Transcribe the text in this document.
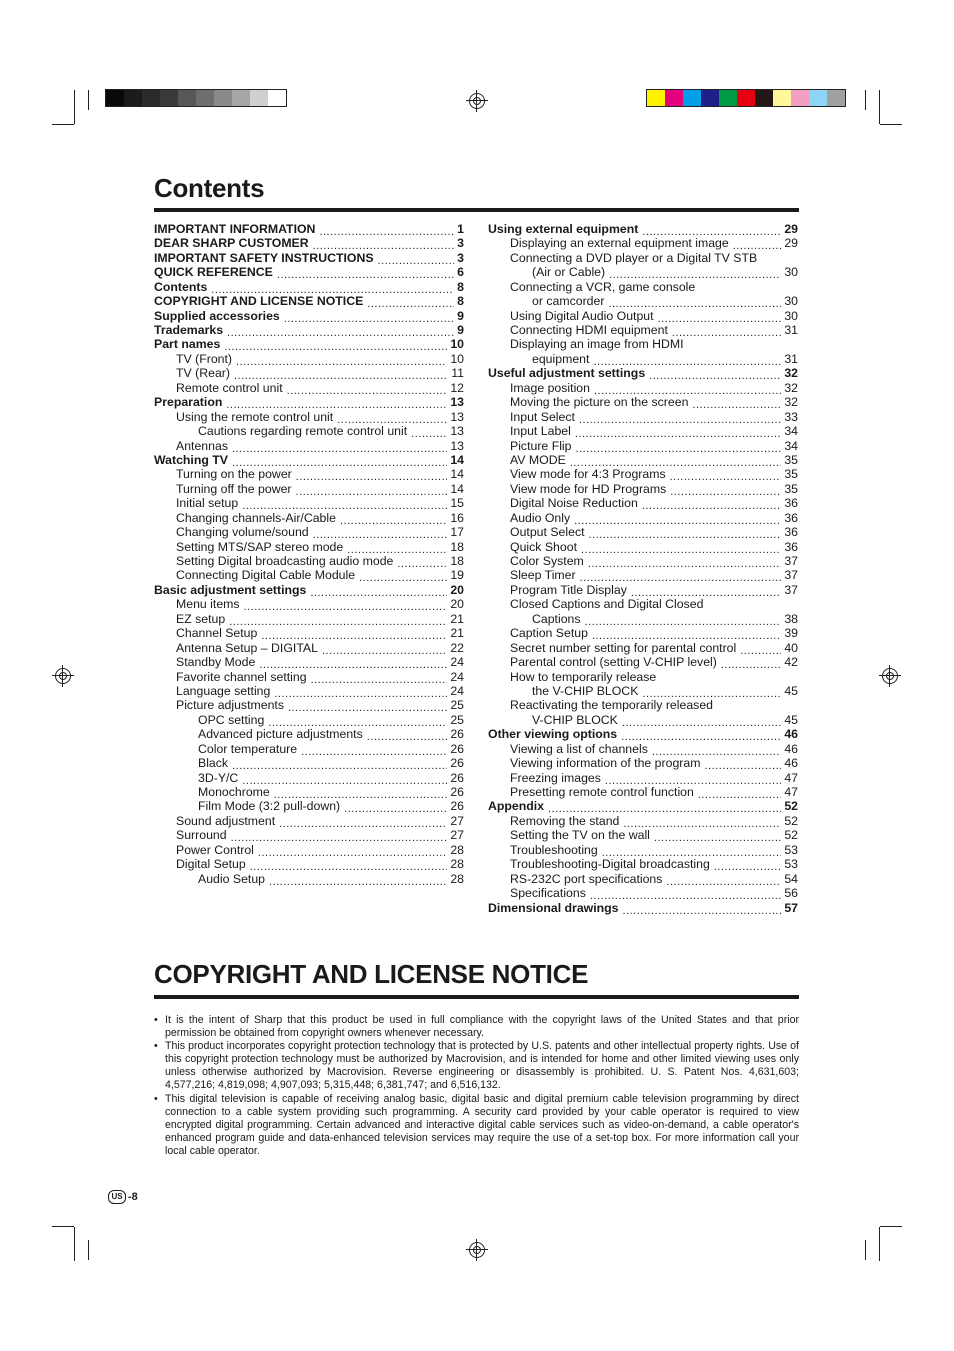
Contents
IMPORTANT INFORMATION .....	1
DEAR SHARP CUSTOMER .....	3
IMPORTANT SAFETY INSTRUCTIONS .....	3
QUICK REFERENCE .....	6
Contents .....	8
COPYRIGHT AND LICENSE NOTICE .....	8
Supplied accessories .....	9
Trademarks .....	9
Part names .....	10
TV (Front) .....	10
TV (Rear) .....	11
Remote control unit .....	12
Preparation .....	13
Using the remote control unit .....	13
Cautions regarding remote control unit .....	13
Antennas .....	13
Watching TV .....	14
Turning on the power .....	14
Turning off the power .....	14
Initial setup .....	15
Changing channels-Air/Cable .....	16
Changing volume/sound .....	17
Setting MTS/SAP stereo mode .....	18
Setting Digital broadcasting audio mode .....	18
Connecting Digital Cable Module .....	19
Basic adjustment settings .....	20
Menu items .....	20
EZ setup .....	21
Channel Setup .....	21
Antenna Setup – DIGITAL .....	22
Standby Mode .....	24
Favorite channel setting .....	24
Language setting .....	24
Picture adjustments .....	25
OPC setting .....	25
Advanced picture adjustments .....	26
Color temperature .....	26
Black .....	26
3D-Y/C .....	26
Monochrome .....	26
Film Mode (3:2 pull-down) .....	26
Sound adjustment .....	27
Surround .....	27
Power Control .....	28
Digital Setup .....	28
Audio Setup .....	28
Using external equipment .....	29
Displaying an external equipment image .....	29
Connecting a DVD player or a Digital TV STB
(Air or Cable) .....	30
Connecting a VCR, game console
or camcorder .....	30
Using Digital Audio Output .....	30
Connecting HDMI equipment .....	31
Displaying an image from HDMI
equipment .....	31
Useful adjustment settings .....	32
Image position .....	32
Moving the picture on the screen .....	32
Input Select .....	33
Input Label .....	34
Picture Flip .....	34
AV MODE .....	35
View mode for 4:3 Programs .....	35
View mode for HD Programs .....	35
Digital Noise Reduction .....	36
Audio Only .....	36
Output Select .....	36
Quick Shoot .....	36
Color System .....	37
Sleep Timer .....	37
Program Title Display .....	37
Closed Captions and Digital Closed
Captions .....	38
Caption Setup .....	39
Secret number setting for parental control .....	40
Parental control (setting V-CHIP level) .....	42
How to temporarily release
the V-CHIP BLOCK .....	45
Reactivating the temporarily released
V-CHIP BLOCK .....	45
Other viewing options .....	46
Viewing a list of channels .....	46
Viewing information of the program .....	46
Freezing images .....	47
Presetting remote control function .....	47
Appendix .....	52
Removing the stand .....	52
Setting the TV on the wall .....	52
Troubleshooting .....	53
Troubleshooting-Digital broadcasting .....	53
RS-232C port specifications .....	54
Specifications .....	56
Dimensional drawings .....	57
COPYRIGHT AND LICENSE NOTICE

• It is the intent of Sharp that this product be used in full compliance with the copyright laws of the United States and that prior permission be obtained from copyright owners whenever necessary.

• This product incorporates copyright protection technology that is protected by U.S. patents and other intellectual property rights. Use of this copyright protection technology must be authorized by Macrovision, and is intended for home and other limited viewing uses only unless otherwise authorized by Macrovision. Reverse engineering or disassembly is prohibited. U. S. Patent Nos. 4,631,603; 4,577,216; 4,819,098; 4,907,093; 5,315,448; 6,381,747; and 6,516,132.

• This digital television is capable of receiving analog basic, digital basic and digital premium cable television programming by direct connection to a cable system providing such programming. A security card provided by your cable operator is required to view encrypted digital programming. Certain advanced and interactive digital cable services such as video-on-demand, a cable operator's enhanced program guide and data-enhanced television services may require the use of a set-top box. For more information call your local cable operator.

US -8
